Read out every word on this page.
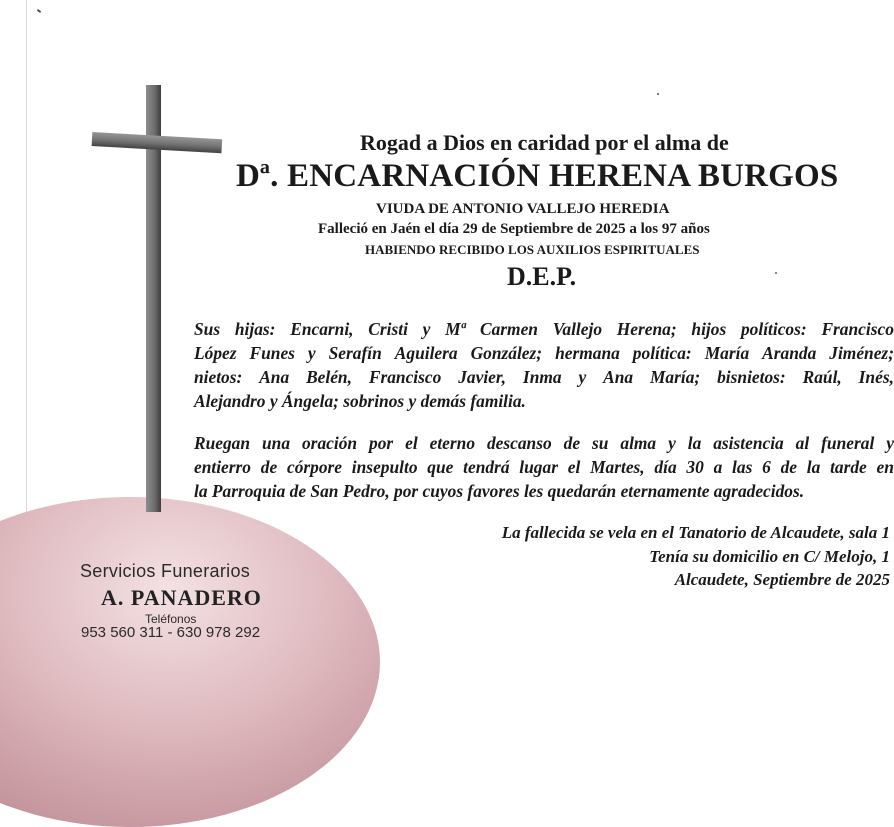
Rogad a Dios en caridad por el alma de
Dª. ENCARNACIÓN HERENA BURGOS
VIUDA DE ANTONIO VALLEJO HEREDIA
Falleció en Jaén el día 29 de Septiembre de 2025 a los 97 años
HABIENDO RECIBIDO LOS AUXILIOS ESPIRITUALES
D.E.P.
Sus hijas: Encarni, Cristi y Mª Carmen Vallejo Herena; hijos políticos: Francisco
López Funes y Serafín Aguilera González; hermana política: María Aranda Jiménez;
nietos: Ana Belén, Francisco Javier, Inma y Ana María; bisnietos: Raúl, Inés,
Alejandro y Ángela; sobrinos y demás familia.
Ruegan una oración por el eterno descanso de su alma y la asistencia al funeral y
entierro de córpore insepulto que tendrá lugar el Martes, día 30 a las 6 de la tarde en
la Parroquia de San Pedro, por cuyos favores les quedarán eternamente agradecidos.
La fallecida se vela en el Tanatorio de Alcaudete, sala 1
Tenía su domicilio en C/ Melojo, 1
Alcaudete, Septiembre de 2025
Servicios Funerarios
A. PANADERO
Teléfonos
953 560 311 - 630 978 292
